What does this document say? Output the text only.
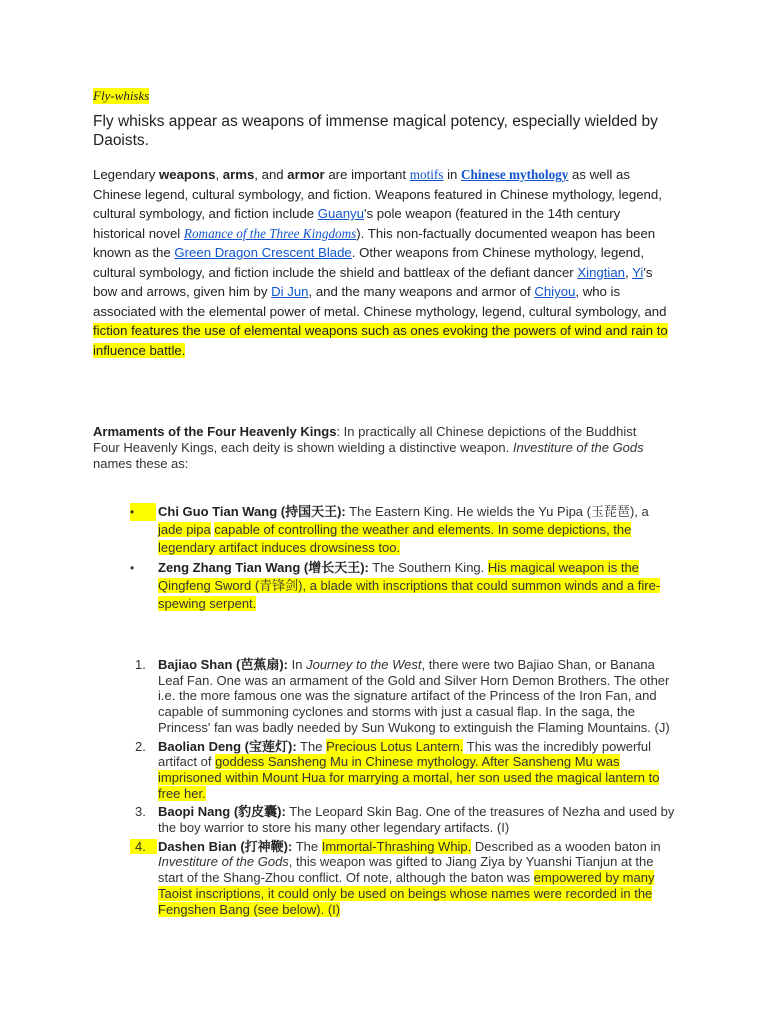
Fly-whisks
Fly whisks appear as weapons of immense magical potency, especially wielded by Daoists.
Legendary weapons, arms, and armor are important motifs in Chinese mythology as well as Chinese legend, cultural symbology, and fiction. Weapons featured in Chinese mythology, legend, cultural symbology, and fiction include Guanyu's pole weapon (featured in the 14th century historical novel Romance of the Three Kingdoms). This non-factually documented weapon has been known as the Green Dragon Crescent Blade. Other weapons from Chinese mythology, legend, cultural symbology, and fiction include the shield and battleax of the defiant dancer Xingtian, Yi's bow and arrows, given him by Di Jun, and the many weapons and armor of Chiyou, who is associated with the elemental power of metal. Chinese mythology, legend, cultural symbology, and fiction features the use of elemental weapons such as ones evoking the powers of wind and rain to influence battle.
Armaments of the Four Heavenly Kings: In practically all Chinese depictions of the Buddhist Four Heavenly Kings, each deity is shown wielding a distinctive weapon. Investiture of the Gods names these as:
•	Chi Guo Tian Wang (持国天王): The Eastern King. He wields the Yu Pipa (玉琵琶), a jade pipa capable of controlling the weather and elements. In some depictions, the legendary artifact induces drowsiness too.
•	Zeng Zhang Tian Wang (增长天王): The Southern King. His magical weapon is the Qingfeng Sword (青锋剑), a blade with inscriptions that could summon winds and a fire-spewing serpent.
1. Bajiao Shan (芭蕉扇): In Journey to the West, there were two Bajiao Shan, or Banana Leaf Fan. One was an armament of the Gold and Silver Horn Demon Brothers. The other i.e. the more famous one was the signature artifact of the Princess of the Iron Fan, and capable of summoning cyclones and storms with just a casual flap. In the saga, the Princess' fan was badly needed by Sun Wukong to extinguish the Flaming Mountains. (J)
2. Baolian Deng (宝莲灯): The Precious Lotus Lantern. This was the incredibly powerful artifact of goddess Sansheng Mu in Chinese mythology. After Sansheng Mu was imprisoned within Mount Hua for marrying a mortal, her son used the magical lantern to free her.
3. Baopi Nang (豹皮囊): The Leopard Skin Bag. One of the treasures of Nezha and used by the boy warrior to store his many other legendary artifacts. (I)
4. Dashen Bian (打神鞭): The Immortal-Thrashing Whip. Described as a wooden baton in Investiture of the Gods, this weapon was gifted to Jiang Ziya by Yuanshi Tianjun at the start of the Shang-Zhou conflict. Of note, although the baton was empowered by many Taoist inscriptions, it could only be used on beings whose names were recorded in the Fengshen Bang (see below). (I)
